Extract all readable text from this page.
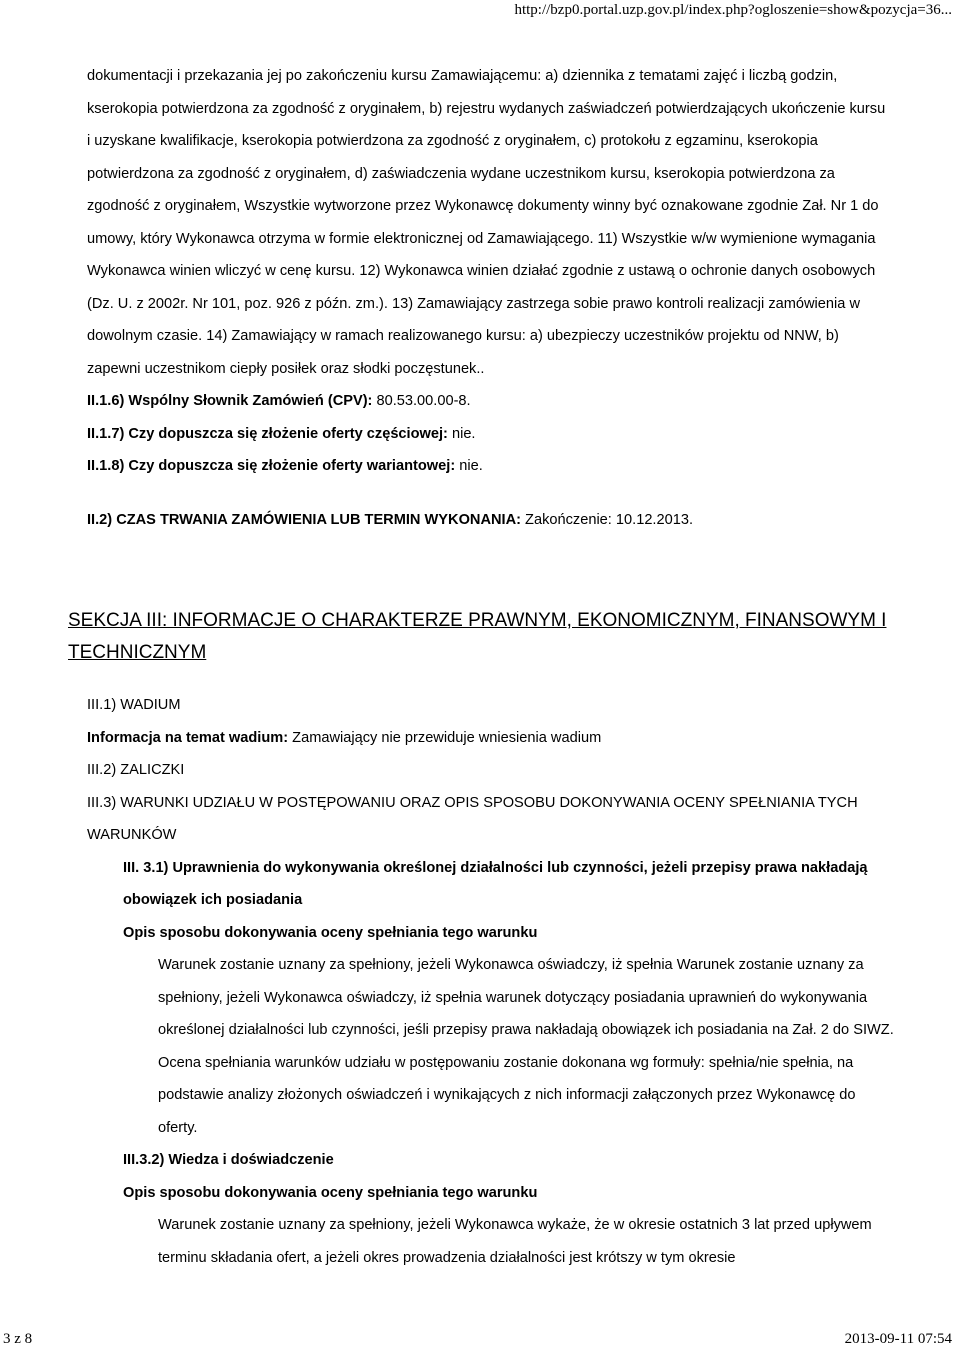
http://bzp0.portal.uzp.gov.pl/index.php?ogloszenie=show&pozycja=36...

dokumentacji i przekazania jej po zakończeniu kursu Zamawiającemu: a) dziennika z tematami zajęć i liczbą godzin, kserokopia potwierdzona za zgodność z oryginałem, b) rejestru wydanych zaświadczeń potwierdzających ukończenie kursu i uzyskane kwalifikacje, kserokopia potwierdzona za zgodność z oryginałem, c) protokołu z egzaminu, kserokopia potwierdzona za zgodność z oryginałem, d) zaświadczenia wydane uczestnikom kursu, kserokopia potwierdzona za zgodność z oryginałem, Wszystkie wytworzone przez Wykonawcę dokumenty winny być oznakowane zgodnie Zał. Nr 1 do umowy, który Wykonawca otrzyma w formie elektronicznej od Zamawiającego. 11) Wszystkie w/w wymienione wymagania Wykonawca winien wliczyć w cenę kursu. 12) Wykonawca winien działać zgodnie z ustawą o ochronie danych osobowych (Dz. U. z 2002r. Nr 101, poz. 926 z późn. zm.). 13) Zamawiający zastrzega sobie prawo kontroli realizacji zamówienia w dowolnym czasie. 14) Zamawiający w ramach realizowanego kursu: a) ubezpieczy uczestników projektu od NNW, b) zapewni uczestnikom ciepły posiłek oraz słodki poczęstunek..

II.1.6) Wspólny Słownik Zamówień (CPV): 80.53.00.00-8.

II.1.7) Czy dopuszcza się złożenie oferty częściowej: nie.

II.1.8) Czy dopuszcza się złożenie oferty wariantowej: nie.

II.2) CZAS TRWANIA ZAMÓWIENIA LUB TERMIN WYKONANIA: Zakończenie: 10.12.2013.

SEKCJA III: INFORMACJE O CHARAKTERZE PRAWNYM, EKONOMICZNYM, FINANSOWYM I TECHNICZNYM

III.1) WADIUM

Informacja na temat wadium: Zamawiający nie przewiduje wniesienia wadium

III.2) ZALICZKI

III.3) WARUNKI UDZIAŁU W POSTĘPOWANIU ORAZ OPIS SPOSOBU DOKONYWANIA OCENY SPEŁNIANIA TYCH WARUNKÓW

III. 3.1) Uprawnienia do wykonywania określonej działalności lub czynności, jeżeli przepisy prawa nakładają obowiązek ich posiadania

Opis sposobu dokonywania oceny spełniania tego warunku

Warunek zostanie uznany za spełniony, jeżeli Wykonawca oświadczy, iż spełnia Warunek zostanie uznany za spełniony, jeżeli Wykonawca oświadczy, iż spełnia warunek dotyczący posiadania uprawnień do wykonywania określonej działalności lub czynności, jeśli przepisy prawa nakładają obowiązek ich posiadania na Zał. 2 do SIWZ. Ocena spełniania warunków udziału w postępowaniu zostanie dokonana wg formuły: spełnia/nie spełnia, na podstawie analizy złożonych oświadczeń i wynikających z nich informacji załączonych przez Wykonawcę do oferty.

III.3.2) Wiedza i doświadczenie

Opis sposobu dokonywania oceny spełniania tego warunku

Warunek zostanie uznany za spełniony, jeżeli Wykonawca wykaże, że w okresie ostatnich 3 lat przed upływem terminu składania ofert, a jeżeli okres prowadzenia działalności jest krótszy w tym okresie

3 z 8	2013-09-11 07:54
